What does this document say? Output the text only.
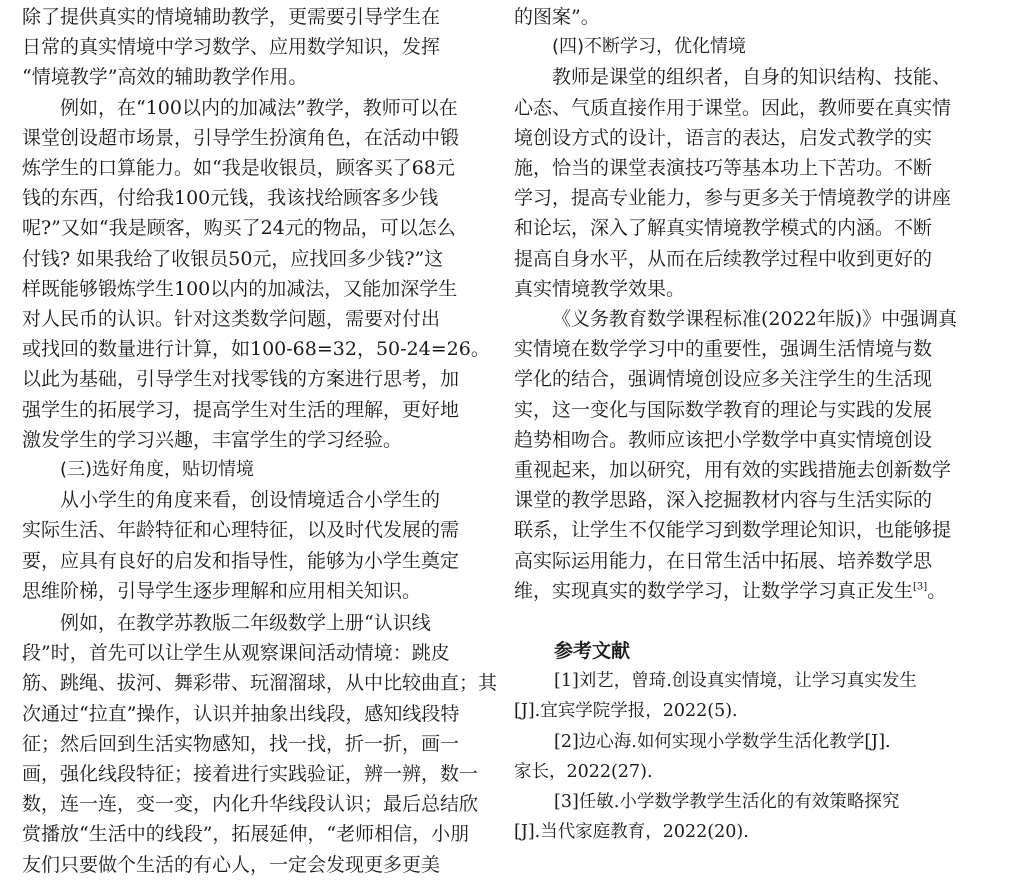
除了提供真实的情境辅助教学，更需要引导学生在
日常的真实情境中学习数学、应用数学知识，发挥
“情境教学”高效的辅助教学作用。
例如，在“100以内的加减法”教学，教师可以在
课堂创设超市场景，引导学生扮演角色，在活动中锻
炼学生的口算能力。如“我是收银员，顾客买了68元
钱的东西，付给我100元钱，我该找给顾客多少钱
呢?”又如“我是顾客，购买了24元的物品，可以怎么
付钱? 如果我给了收银员50元，应找回多少钱?”这
样既能够锻炼学生100以内的加减法，又能加深学生
对人民币的认识。针对这类数学问题，需要对付出
或找回的数量进行计算，如100-68=32，50-24=26。
以此为基础，引导学生对找零钱的方案进行思考，加
强学生的拓展学习，提高学生对生活的理解，更好地
激发学生的学习兴趣，丰富学生的学习经验。

(三)选好角度，贴切情境

从小学生的角度来看，创设情境适合小学生的
实际生活、年龄特征和心理特征，以及时代发展的需
要，应具有良好的启发和指导性，能够为小学生奠定
思维阶梯，引导学生逐步理解和应用相关知识。
例如，在教学苏教版二年级数学上册“认识线
段”时，首先可以让学生从观察课间活动情境：跳皮
筋、跳绳、拔河、舞彩带、玩溜溜球，从中比较曲直；其
次通过“拉直”操作，认识并抽象出线段，感知线段特
征；然后回到生活实物感知，找一找，折一折，画一
画，强化线段特征；接着进行实践验证，辨一辨，数一
数，连一连，变一变，内化升华线段认识；最后总结欣
赏播放“生活中的线段”，拓展延伸，“老师相信，小朋
友们只要做个生活的有心人，一定会发现更多更美
的图案”。

(四)不断学习，优化情境

教师是课堂的组织者，自身的知识结构、技能、
心态、气质直接作用于课堂。因此，教师要在真实情
境创设方式的设计，语言的表达，启发式教学的实
施，恰当的课堂表演技巧等基本功上下苦功。不断
学习，提高专业能力，参与更多关于情境教学的讲座
和论坛，深入了解真实情境教学模式的内涵。不断
提高自身水平，从而在后续教学过程中收到更好的
真实情境教学效果。
《义务教育数学课程标准(2022年版)》中强调真
实情境在数学学习中的重要性，强调生活情境与数
学化的结合，强调情境创设应多关注学生的生活现
实，这一变化与国际数学教育的理论与实践的发展
趋势相吻合。教师应该把小学数学中真实情境创设
重视起来，加以研究，用有效的实践措施去创新数学
课堂的教学思路，深入挖掘教材内容与生活实际的
联系，让学生不仅能学习到数学理论知识，也能够提
高实际运用能力，在日常生活中拓展、培养数学思
维，实现真实的数学学习，让数学学习真正发生[3]。

参考文献

[1]刘艺，曾琦.创设真实情境，让学习真实发生
[J].宜宾学院学报，2022(5).

[2]边心海.如何实现小学数学生活化教学[J].
家长，2022(27).

[3]任敏.小学数学教学生活化的有效策略探究
[J].当代家庭教育，2022(20).
